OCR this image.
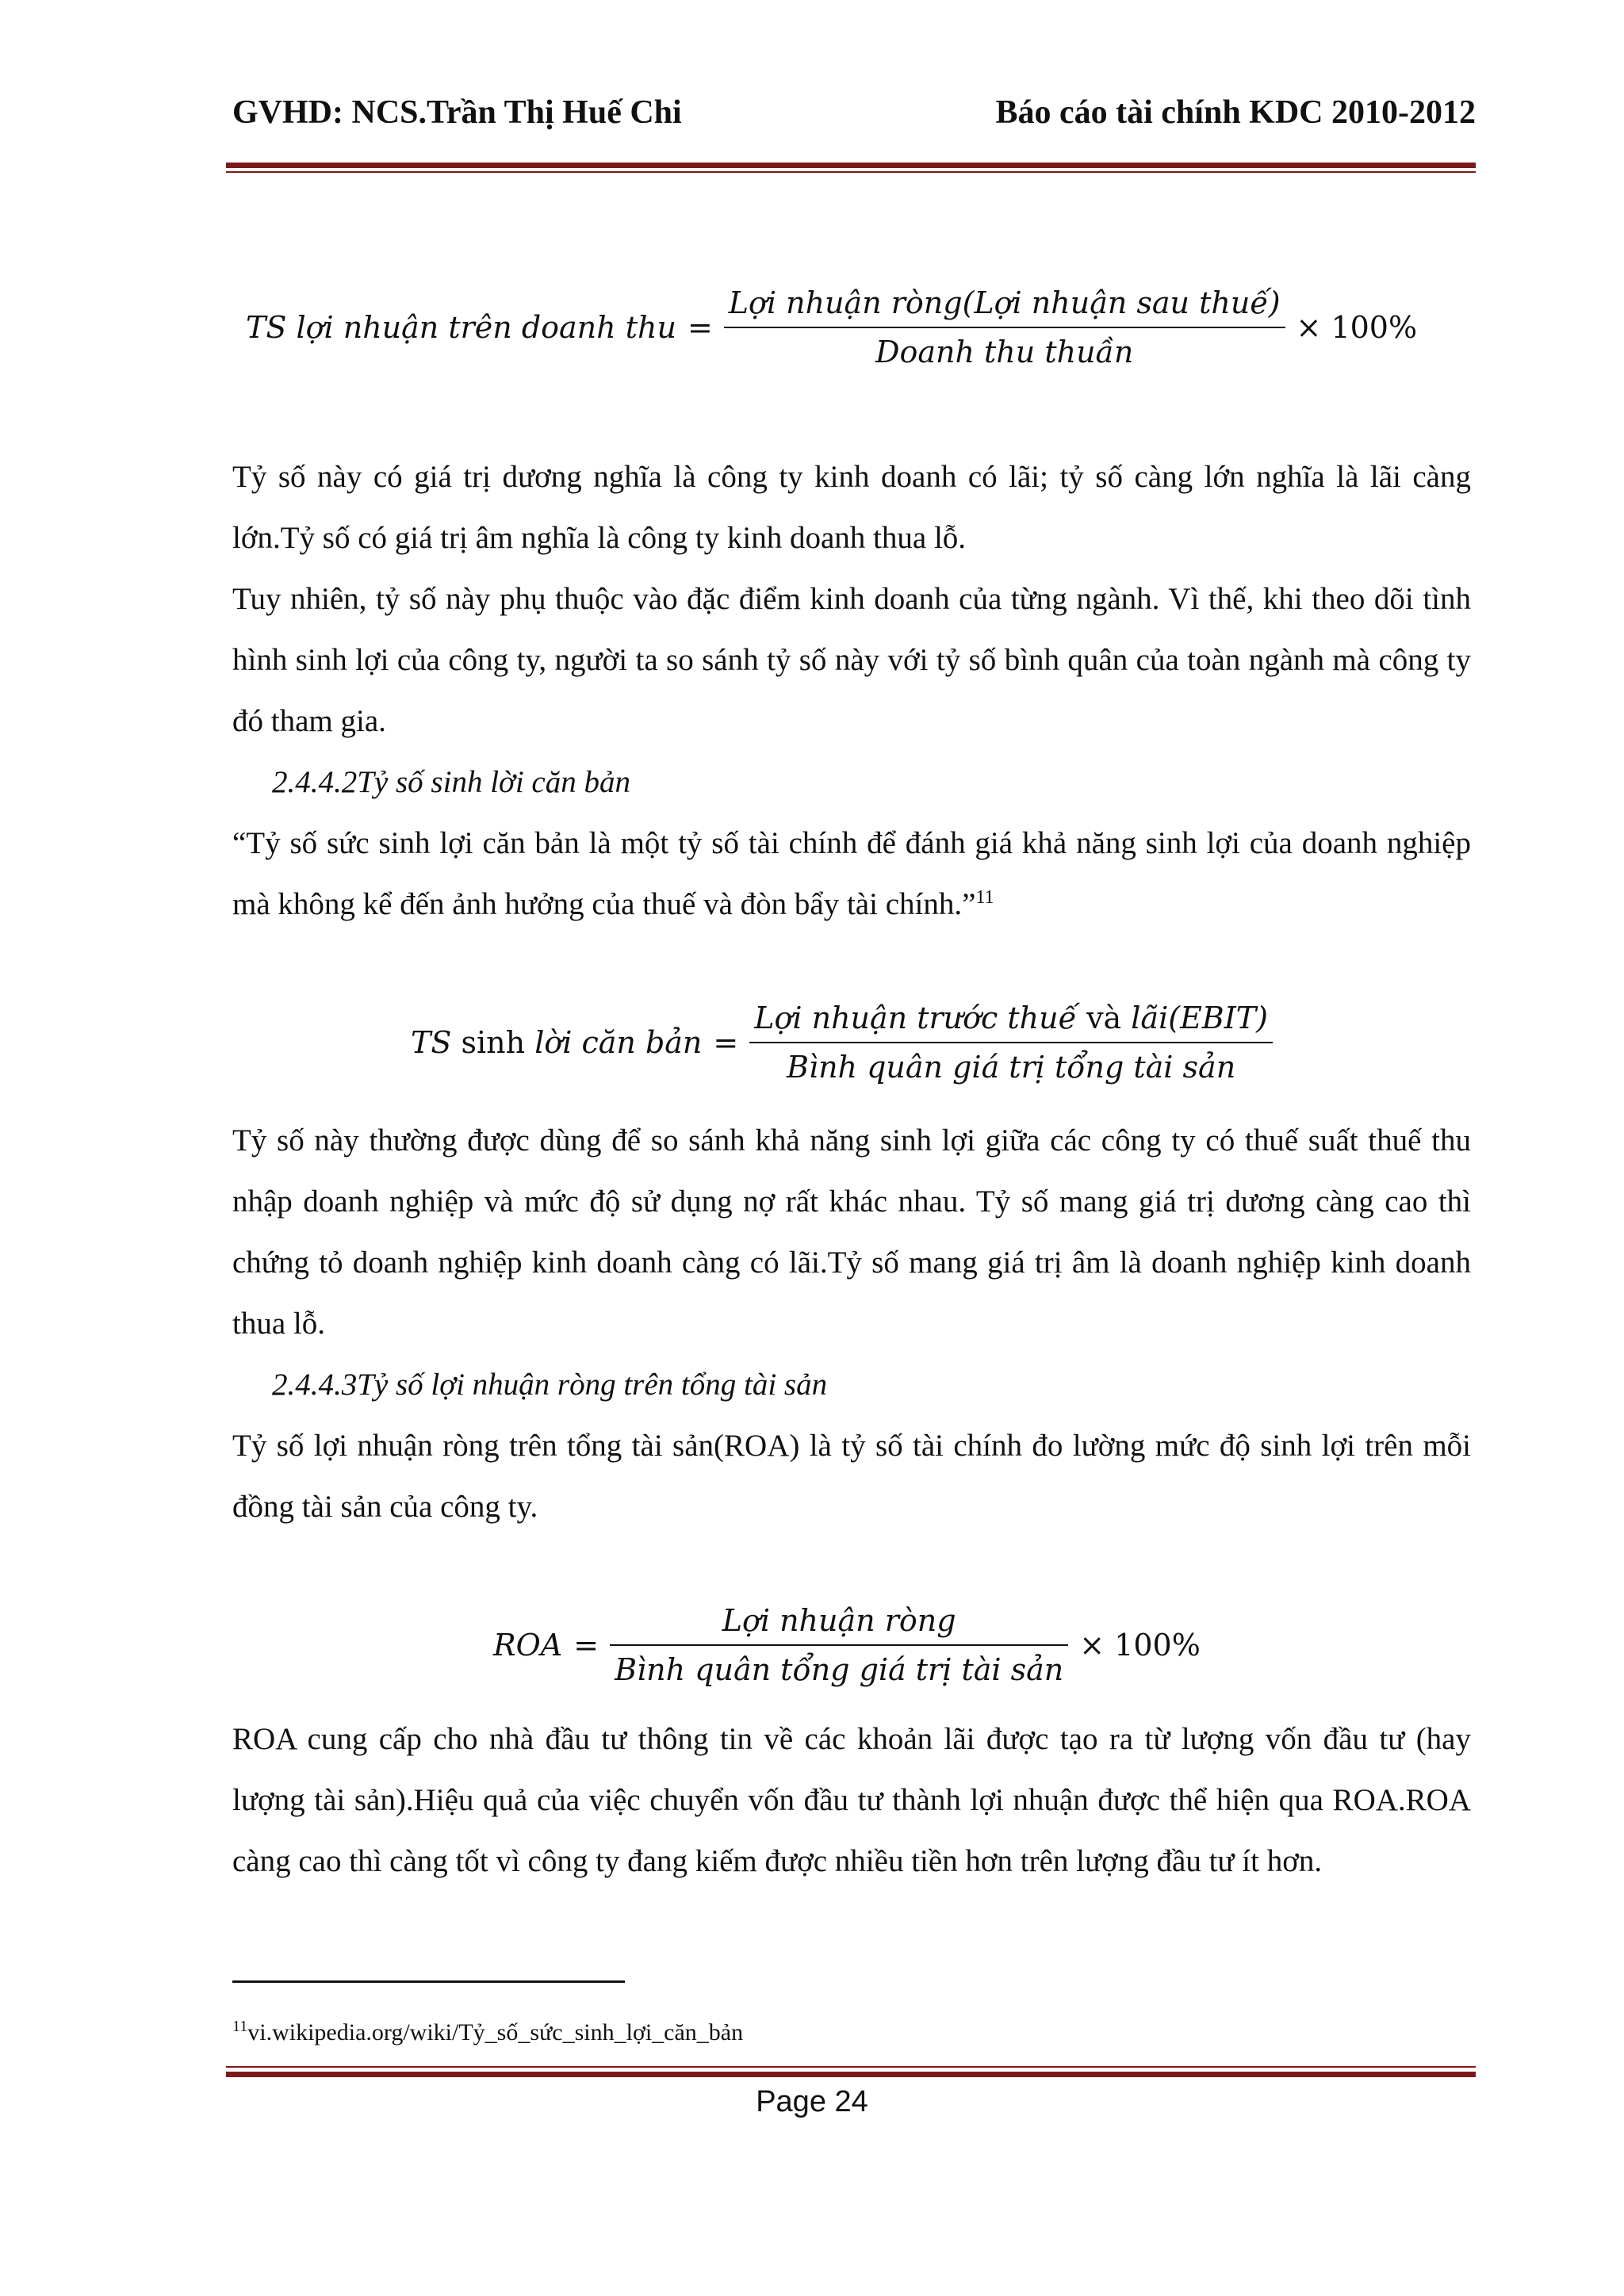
GVHD: NCS.Trần Thị Huế Chi	Báo cáo tài chính KDC 2010-2012
TS lợi nhuận trên doanh thu = $\frac{\text{Lợi nhuận ròng(Lợi nhuận sau thuế)}}{\text{Doanh thu thuần}} \times 100\%$

Tỷ số này có giá trị dương nghĩa là công ty kinh doanh có lãi; tỷ số càng lớn nghĩa là lãi càng lớn.Tỷ số có giá trị âm nghĩa là công ty kinh doanh thua lỗ.

Tuy nhiên, tỷ số này phụ thuộc vào đặc điểm kinh doanh của từng ngành. Vì thế, khi theo dõi tình hình sinh lợi của công ty, người ta so sánh tỷ số này với tỷ số bình quân của toàn ngành mà công ty đó tham gia.

2.4.4.2Tỷ số sinh lời căn bản

“Tỷ số sức sinh lợi căn bản là một tỷ số tài chính để đánh giá khả năng sinh lợi của doanh nghiệp mà không kể đến ảnh hưởng của thuế và đòn bẩy tài chính.”$^{11}$

TS sinh lời căn bản = $\frac{\text{Lợi nhuận trước thuế và lãi(EBIT)}}{\text{Bình quân giá trị tổng tài sản}}$

Tỷ số này thường được dùng để so sánh khả năng sinh lợi giữa các công ty có thuế suất thuế thu nhập doanh nghiệp và mức độ sử dụng nợ rất khác nhau. Tỷ số mang giá trị dương càng cao thì chứng tỏ doanh nghiệp kinh doanh càng có lãi.Tỷ số mang giá trị âm là doanh nghiệp kinh doanh thua lỗ.

2.4.4.3Tỷ số lợi nhuận ròng trên tổng tài sản

Tỷ số lợi nhuận ròng trên tổng tài sản(ROA) là tỷ số tài chính đo lường mức độ sinh lợi trên mỗi đồng tài sản của công ty.

ROA = $\frac{\text{Lợi nhuận ròng}}{\text{Bình quân tổng giá trị tài sản}} \times 100\%$

ROA cung cấp cho nhà đầu tư thông tin về các khoản lãi được tạo ra từ lượng vốn đầu tư (hay lượng tài sản).Hiệu quả của việc chuyển vốn đầu tư thành lợi nhuận được thể hiện qua ROA.ROA càng cao thì càng tốt vì công ty đang kiếm được nhiều tiền hơn trên lượng đầu tư ít hơn.

$^{11}$vi.wikipedia.org/wiki/Tỷ_số_sức_sinh_lợi_căn_bản
Page 24
